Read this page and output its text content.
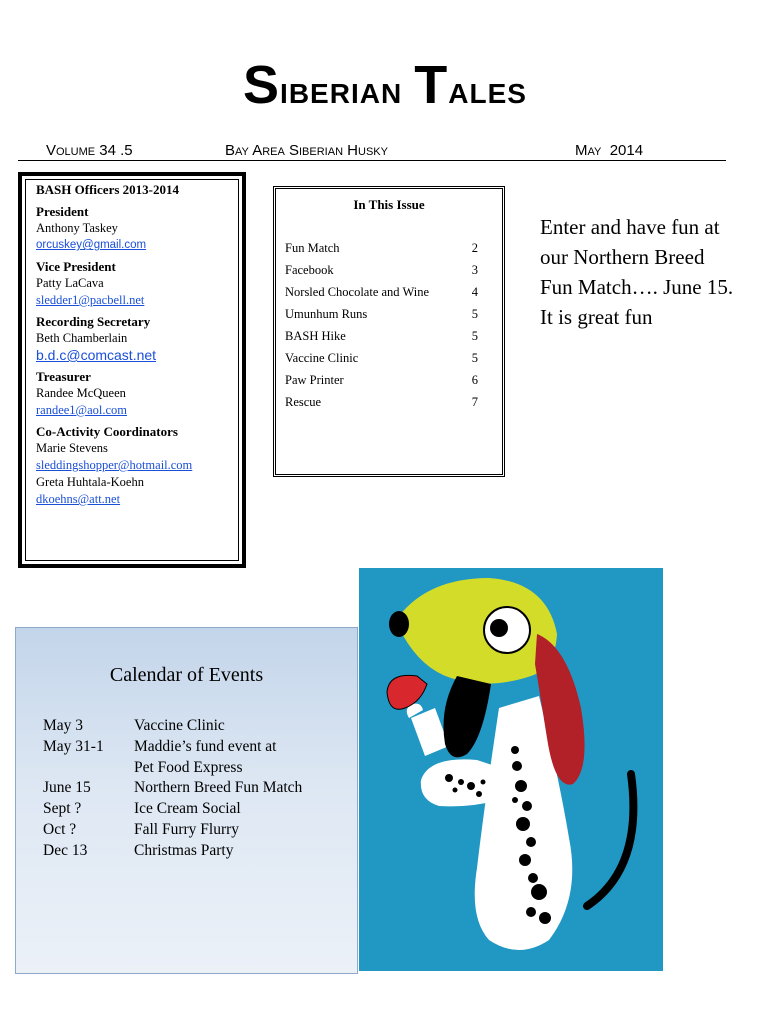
Siberian Tales
Volume 34 .5	Bay Area Siberian Husky	May  2014
BASH Officers 2013-2014
President
Anthony Taskey
orcuskey@gmail.com
Vice President
Patty LaCava
sledder1@pacbell.net
Recording Secretary
Beth Chamberlain
b.d.c@comcast.net
Treasurer
Randee McQueen
randee1@aol.com
Co-Activity Coordinators
Marie Stevens
sleddingshopper@hotmail.com
Greta Huhtala-Koehn
dkoehns@att.net
In This Issue
Fun Match	2
Facebook	3
Norsled Chocolate and Wine	4
Umunhum Runs	5
BASH Hike	5
Vaccine Clinic	5
Paw Printer	6
Rescue	7
Enter and have fun at our Northern Breed Fun Match…. June 15. It is great fun
Calendar of Events
May 3	Vaccine Clinic
May 31-1	Maddie’s fund event at
Pet Food Express
June 15	Northern Breed Fun Match
Sept ?	Ice Cream Social
Oct ?	Fall Furry Flurry
Dec 13	Christmas Party
